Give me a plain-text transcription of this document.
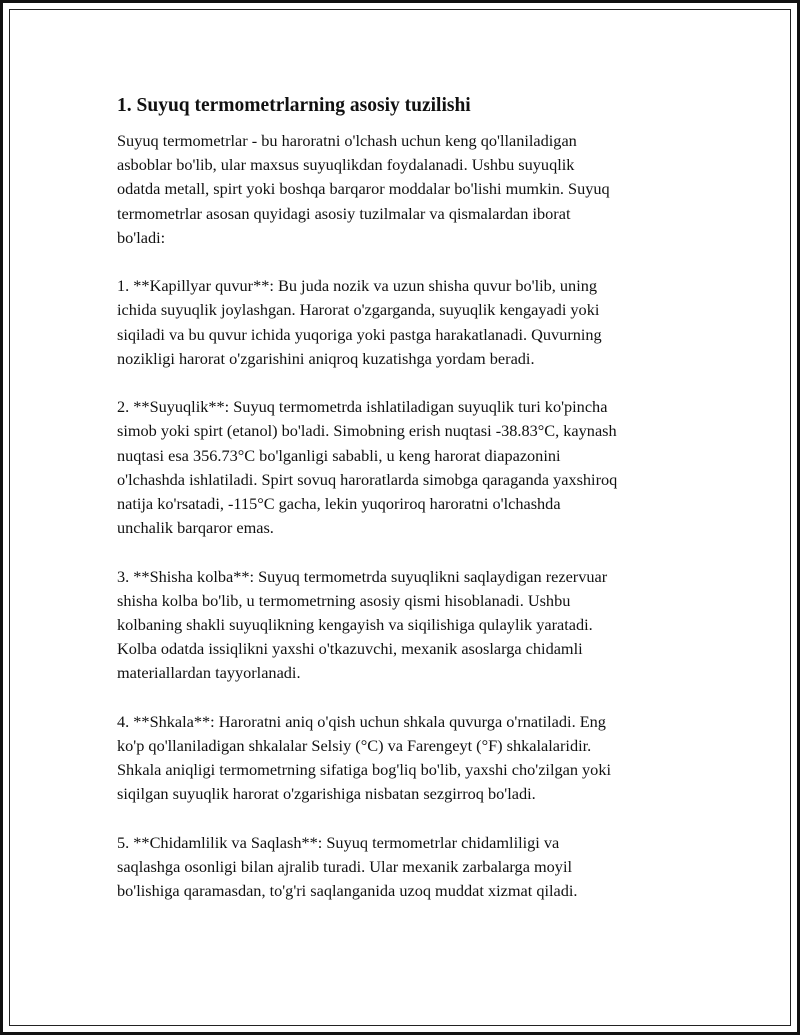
1. Suyuq termometrlarning asosiy tuzilishi
Suyuq termometrlar - bu haroratni o'lchash uchun keng qo'llaniladigan
asboblar bo'lib, ular maxsus suyuqlikdan foydalanadi. Ushbu suyuqlik
odatda metall, spirt yoki boshqa barqaror moddalar bo'lishi mumkin. Suyuq
termometrlar asosan quyidagi asosiy tuzilmalar va qismalardan iborat
bo'ladi:
1. **Kapillyar quvur**: Bu juda nozik va uzun shisha quvur bo'lib, uning
ichida suyuqlik joylashgan. Harorat o'zgarganda, suyuqlik kengayadi yoki
siqiladi va bu quvur ichida yuqoriga yoki pastga harakatlanadi. Quvurning
nozikligi harorat o'zgarishini aniqroq kuzatishga yordam beradi.
2. **Suyuqlik**: Suyuq termometrda ishlatiladigan suyuqlik turi ko'pincha
simob yoki spirt (etanol) bo'ladi. Simobning erish nuqtasi -38.83°C, kaynash
nuqtasi esa 356.73°C bo'lganligi sababli, u keng harorat diapazonini
o'lchashda ishlatiladi. Spirt sovuq haroratlarda simobga qaraganda yaxshiroq
natija ko'rsatadi, -115°C gacha, lekin yuqoriroq haroratni o'lchashda
unchalik barqaror emas.
3. **Shisha kolba**: Suyuq termometrda suyuqlikni saqlaydigan rezervuar
shisha kolba bo'lib, u termometrning asosiy qismi hisoblanadi. Ushbu
kolbaning shakli suyuqlikning kengayish va siqilishiga qulaylik yaratadi.
Kolba odatda issiqlikni yaxshi o'tkazuvchi, mexanik asoslarga chidamli
materiallardan tayyorlanadi.
4. **Shkala**: Haroratni aniq o'qish uchun shkala quvurga o'rnatiladi. Eng
ko'p qo'llaniladigan shkalalar Selsiy (°C) va Farengeyt (°F) shkalalaridir.
Shkala aniqligi termometrning sifatiga bog'liq bo'lib, yaxshi cho'zilgan yoki
siqilgan suyuqlik harorat o'zgarishiga nisbatan sezgirroq bo'ladi.
5. **Chidamlilik va Saqlash**: Suyuq termometrlar chidamliligi va
saqlashga osonligi bilan ajralib turadi. Ular mexanik zarbalarga moyil
bo'lishiga qaramasdan, to'g'ri saqlanganida uzoq muddat xizmat qiladi.
